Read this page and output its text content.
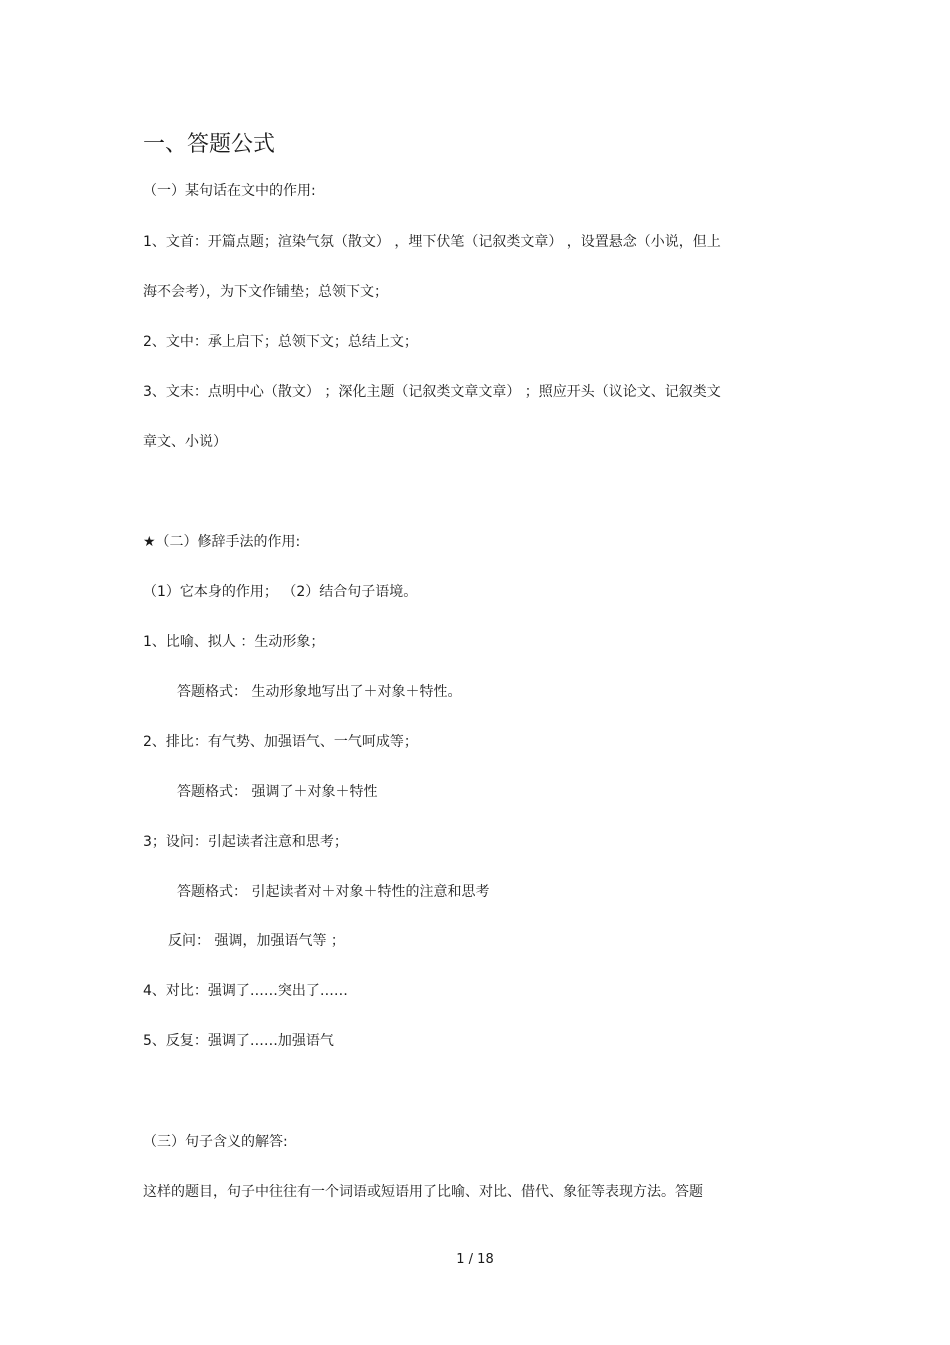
一、答题公式
（一）某句话在文中的作用:
1、文首：开篇点题；渲染气氛（散文） ，埋下伏笔（记叙类文章） ，设置悬念（小说，但上
海不会考），为下文作铺垫；总领下文；
2、文中：承上启下；总领下文；总结上文；
3、文末：点明中心（散文） ；深化主题（记叙类文章文章） ；照应开头（议论文、记叙类文
章文、小说）
★（二）修辞手法的作用:
（1）它本身的作用； （2）结合句子语境。
1、比喻、拟人 ：生动形象；
答题格式： 生动形象地写出了＋对象＋特性。
2、排比：有气势、加强语气、一气呵成等；
答题格式： 强调了＋对象＋特性
3；设问：引起读者注意和思考；
答题格式： 引起读者对＋对象＋特性的注意和思考
反问： 强调，加强语气等 ；
4、对比：强调了……突出了……
5、反复：强调了……加强语气
（三）句子含义的解答:
这样的题目，句子中往往有一个词语或短语用了比喻、对比、借代、象征等表现方法。答题
1 / 18
